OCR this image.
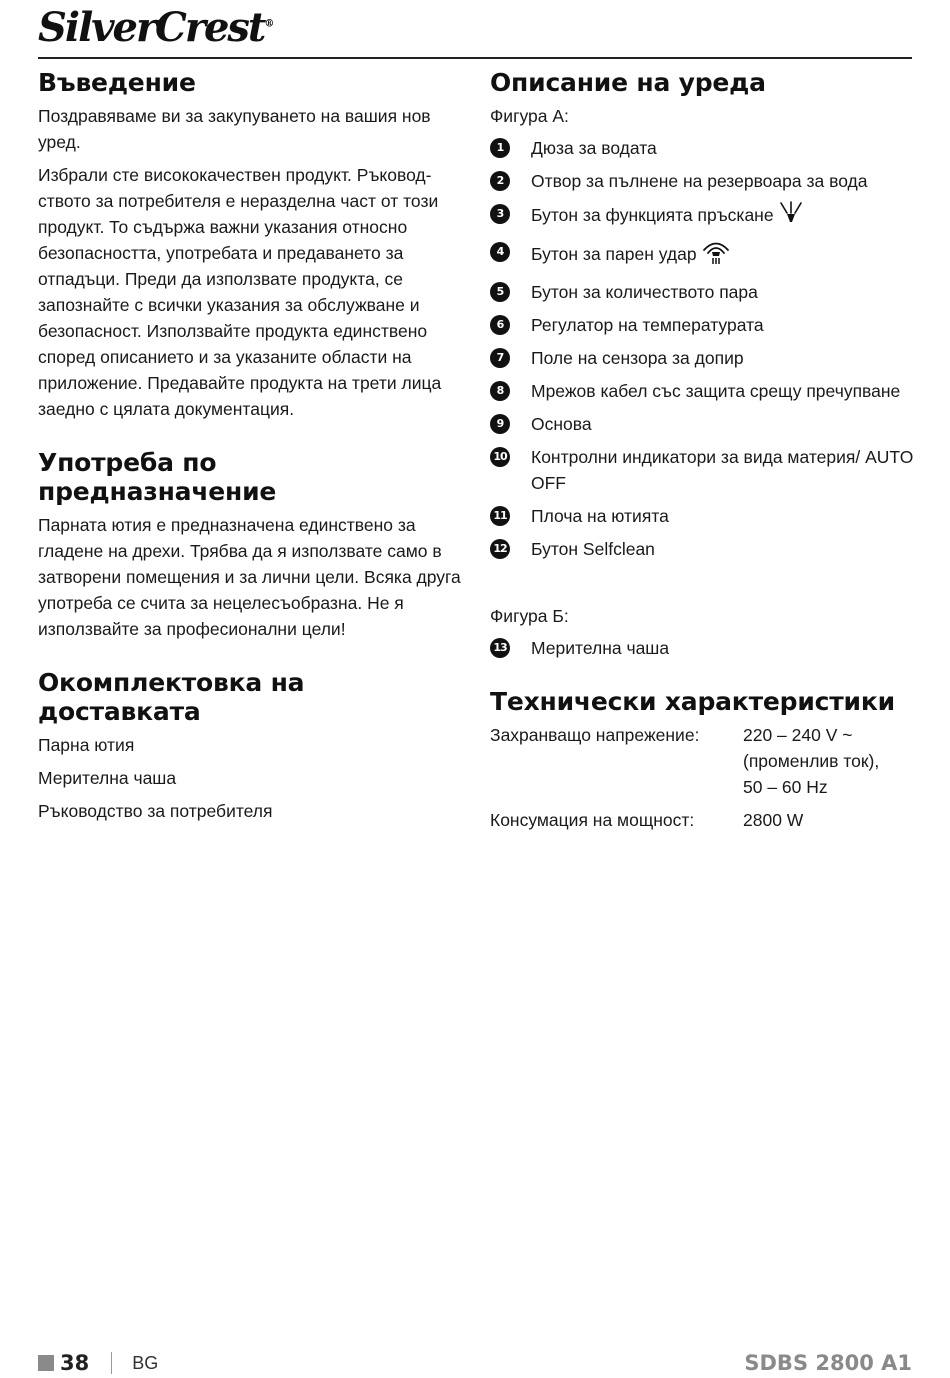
SilverCrest®
Въведение

Поздравяваме ви за закупуването на вашия нов уред.

Избрали сте висококачествен продукт. Ръководството за потребителя е неразделна част от този продукт. То съдържа важни указания относно безопасността, употребата и предаването за отпадъци. Преди да използвате продукта, се запознайте с всички указания за обслужване и безопасност. Използвайте продукта единствено според описанието и за указаните области на приложение. Предавайте продукта на трети лица заедно с цялата документация.

Употреба по предназначение

Парната ютия е предназначена единствено за гладене на дрехи. Трябва да я използвате само в затворени помещения и за лични цели. Всяка друга употреба се счита за нецелесъобразна. Не я използвайте за професионални цели!

Окомплектовка на доставката
Парна ютия
Мерителна чаша
Ръководство за потребителя
Описание на уреда
Фигура А:
1	Дюза за водата
2	Отвор за пълнене на резервоара за вода
3	Бутон за функцията пръскане
4	Бутон за парен удар
5	Бутон за количеството пара
6	Регулатор на температурата
7	Поле на сензора за допир
8	Мрежов кабел със защита срещу пречупване
9	Основа
10 Контролни индикатори за вида материя/ AUTO OFF
11 Плоча на ютията
12 Бутон Selfclean
Фигура Б:
13 Мерителна чаша
Технически характеристики
Захранващо напрежение:	220 – 240 V ~
(променлив ток),
50 – 60 Hz
Консумация на мощност:	2800 W
38 BG	SDBS 2800 A1
